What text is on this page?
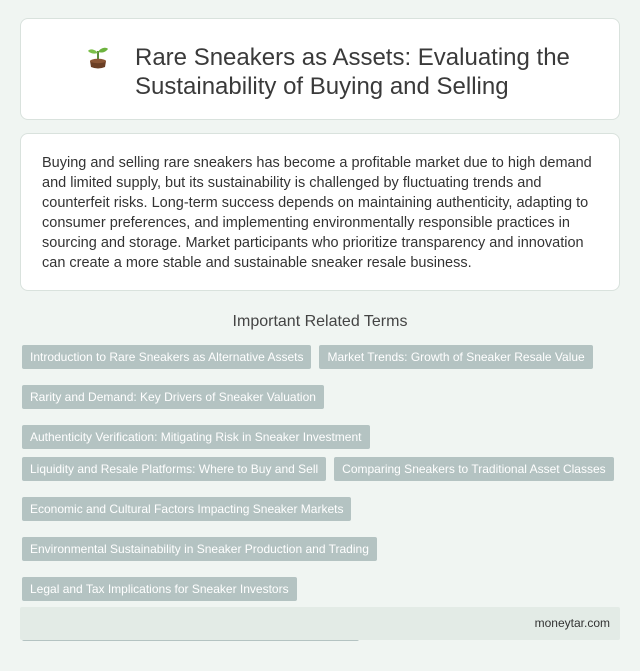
Rare Sneakers as Assets: Evaluating the Sustainability of Buying and Selling

Buying and selling rare sneakers has become a profitable market due to high demand and limited supply, but its sustainability is challenged by fluctuating trends and counterfeit risks. Long-term success depends on maintaining authenticity, adapting to consumer preferences, and implementing environmentally responsible practices in sourcing and storage. Market participants who prioritize transparency and innovation can create a more stable and sustainable sneaker resale business.

Important Related Terms
Introduction to Rare Sneakers as Alternative Assets	Market Trends: Growth of Sneaker Resale Value
Rarity and Demand: Key Drivers of Sneaker Valuation
Authenticity Verification: Mitigating Risk in Sneaker Investment
Liquidity and Resale Platforms: Where to Buy and Sell	Comparing Sneakers to Traditional Asset Classes
Economic and Cultural Factors Impacting Sneaker Markets
Environmental Sustainability in Sneaker Production and Trading
Legal and Tax Implications for Sneaker Investors
moneytar.com
